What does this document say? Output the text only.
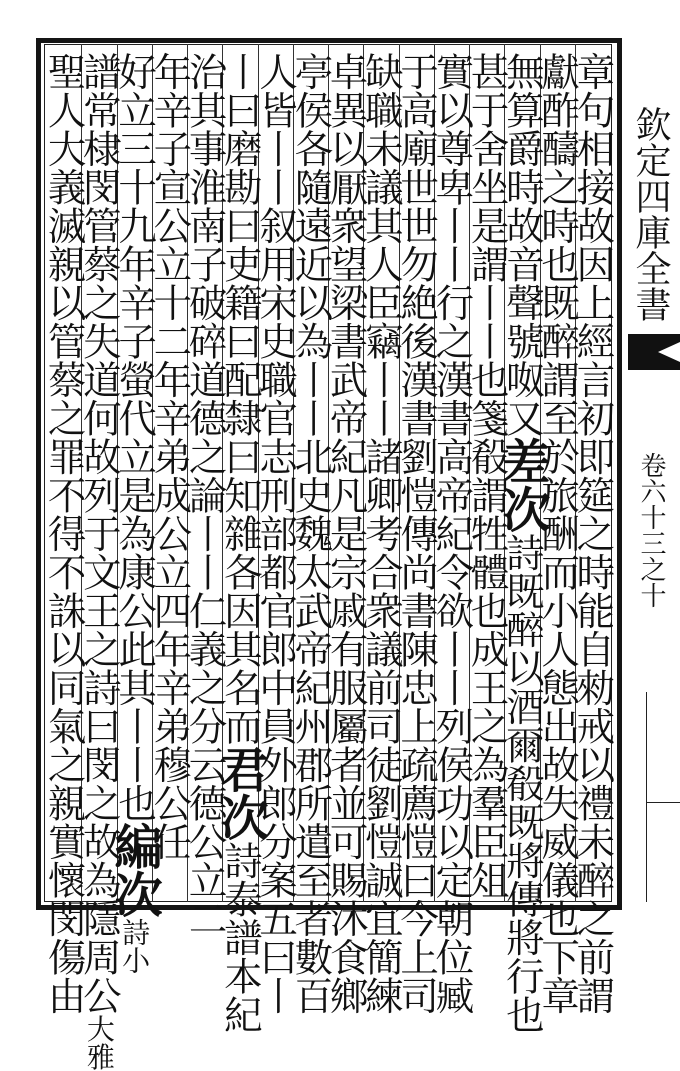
章句相接故因上經言初即筵之時能自勑戒以禮未醉之前謂
獻酢醻之時也既醉謂至於旅酬而小人態出故失威儀也下章
無算爵時故音聲號呶又差次詩既醉以酒爾殽既將傳將行也
甚于舍坐是謂丨丨也箋殽謂牲體也成王之為羣臣俎
實以尊卑丨丨行之漢書高帝紀令欲丨丨列侯功以定朝位臧
于高廟世世勿絶後漢書劉愷傳尚書陳忠上疏薦愷曰今上司
缺職未議其人臣竊丨丨諸卿考合衆議前司徒劉愷誠宜簡練
卓異以厭衆望梁書武帝紀凡是宗戚有服屬者並可賜沐食鄉
亭侯各隨遠近以為丨丨北史魏太武帝紀州郡所遣至者數百
人皆丨丨叙用宋史職官志刑部都官郎中員外郎分案五曰丨
丨曰磨勘曰吏籍曰配隸曰知雜各因其名而君次詩泰譜本紀
治其事淮南子破碎道德之論丨丨仁義之分云德公立二
年辛子宣公立十二年辛弟成公立四年辛弟穆公任
好立三十九年辛子螢代立是為康公此其丨丨也編次詩小
譜常棣閔管蔡之失道何故列于文王之詩曰閔之故為隱周公大雅
聖人大義滅親以管蔡之罪不得不誅以同氣之親實懷閔傷由	欽定四庫全書
卷六十三之十
